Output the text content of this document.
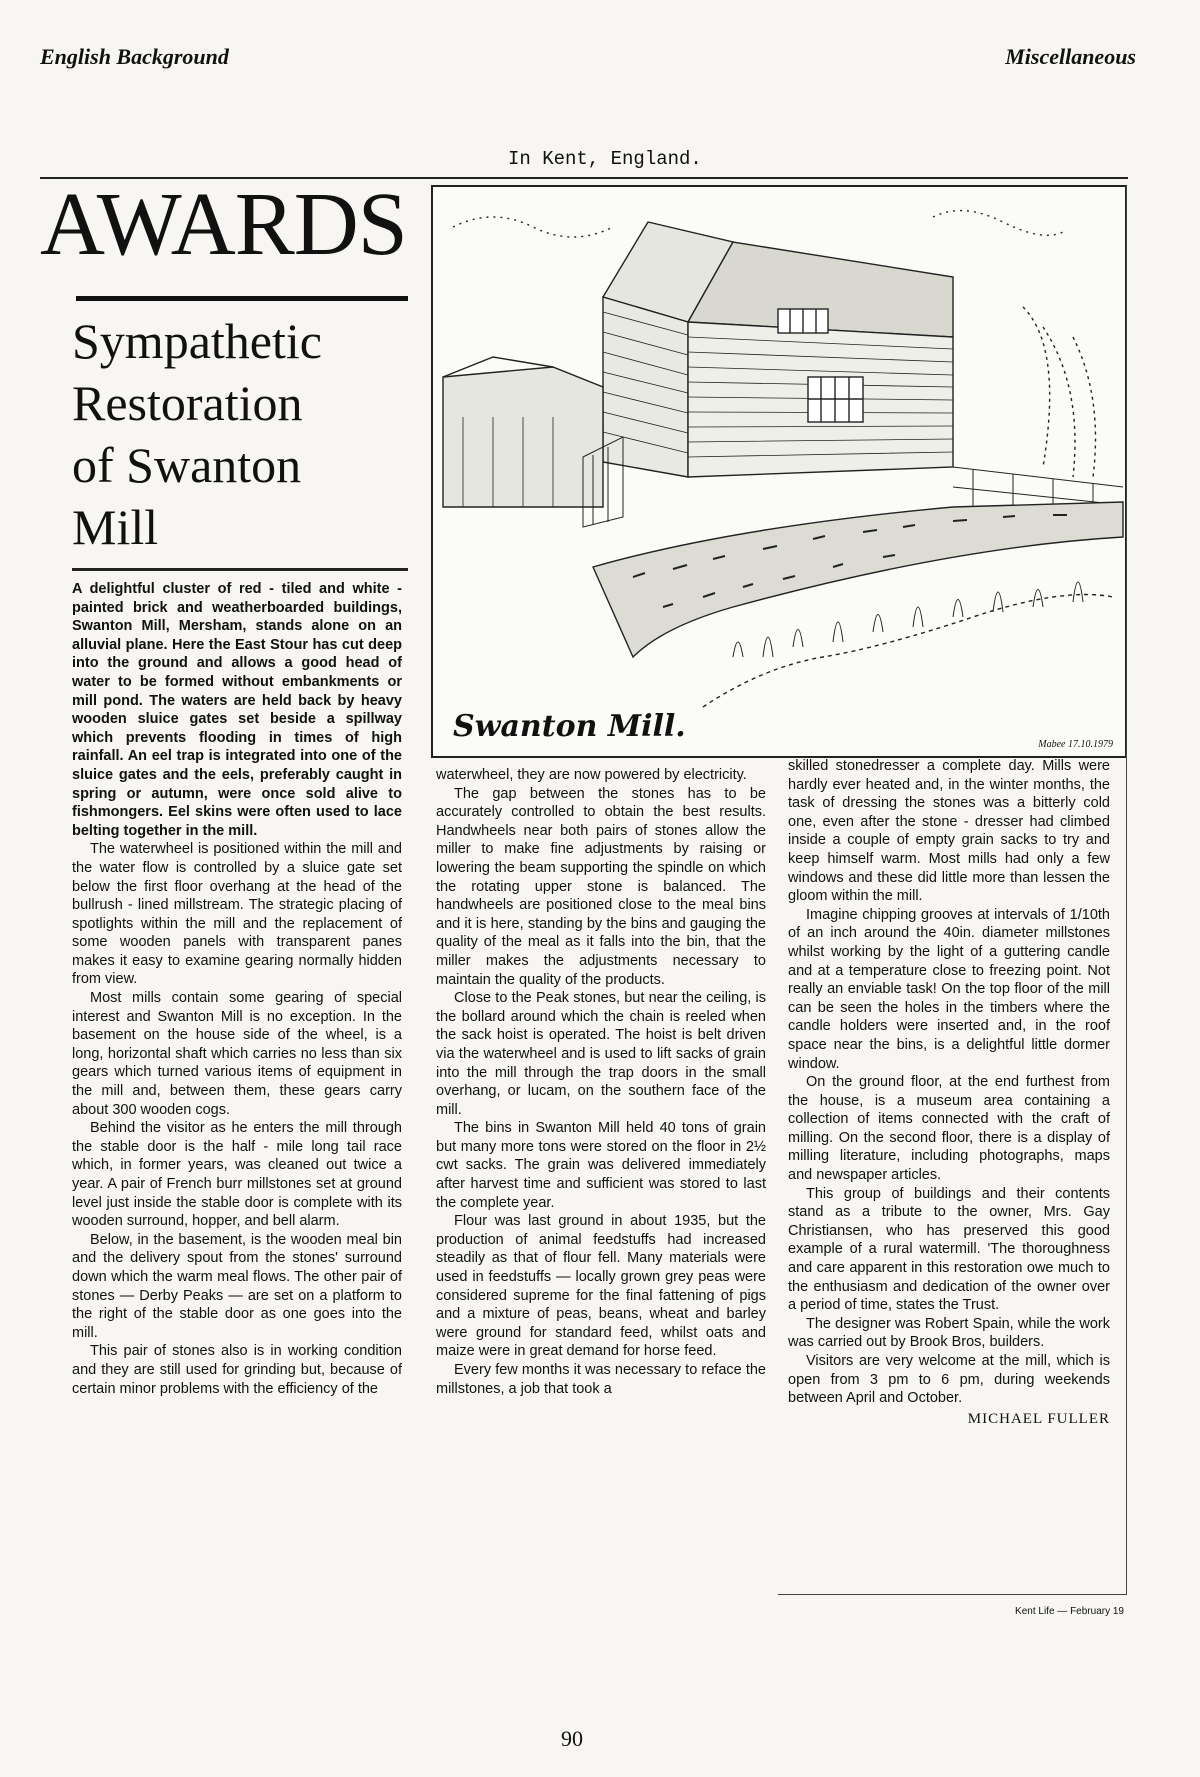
English Background	Miscellaneous
In Kent, England.
AWARDS
Sympathetic
Restoration
of Swanton
Mill
Swanton Mill.
Mabee 17.10.1979

A delightful cluster of red - tiled and white - painted brick and weatherboarded buildings, Swanton Mill, Mersham, stands alone on an alluvial plane. Here the East Stour has cut deep into the ground and allows a good head of water to be formed without embankments or mill pond. The waters are held back by heavy wooden sluice gates set beside a spillway which prevents flooding in times of high rainfall. An eel trap is integrated into one of the sluice gates and the eels, preferably caught in spring or autumn, were once sold alive to fishmongers. Eel skins were often used to lace belting together in the mill.

The waterwheel is positioned within the mill and the water flow is controlled by a sluice gate set below the first floor overhang at the head of the bullrush - lined millstream. The strategic placing of spotlights within the mill and the replacement of some wooden panels with transparent panes makes it easy to examine gearing normally hidden from view.

Most mills contain some gearing of special interest and Swanton Mill is no exception. In the basement on the house side of the wheel, is a long, horizontal shaft which carries no less than six gears which turned various items of equipment in the mill and, between them, these gears carry about 300 wooden cogs.

Behind the visitor as he enters the mill through the stable door is the half - mile long tail race which, in former years, was cleaned out twice a year. A pair of French burr millstones set at ground level just inside the stable door is complete with its wooden surround, hopper, and bell alarm.

Below, in the basement, is the wooden meal bin and the delivery spout from the stones' surround down which the warm meal flows. The other pair of stones — Derby Peaks — are set on a platform to the right of the stable door as one goes into the mill.

This pair of stones also is in working condition and they are still used for grinding but, because of certain minor problems with the efficiency of the

waterwheel, they are now powered by electricity.

The gap between the stones has to be accurately controlled to obtain the best results. Handwheels near both pairs of stones allow the miller to make fine adjustments by raising or lowering the beam supporting the spindle on which the rotating upper stone is balanced. The handwheels are positioned close to the meal bins and it is here, standing by the bins and gauging the quality of the meal as it falls into the bin, that the miller makes the adjustments necessary to maintain the quality of the products.

Close to the Peak stones, but near the ceiling, is the bollard around which the chain is reeled when the sack hoist is operated. The hoist is belt driven via the waterwheel and is used to lift sacks of grain into the mill through the trap doors in the small overhang, or lucam, on the southern face of the mill.

The bins in Swanton Mill held 40 tons of grain but many more tons were stored on the floor in 2½ cwt sacks. The grain was delivered immediately after harvest time and sufficient was stored to last the complete year.

Flour was last ground in about 1935, but the production of animal feedstuffs had increased steadily as that of flour fell. Many materials were used in feedstuffs — locally grown grey peas were considered supreme for the final fattening of pigs and a mixture of peas, beans, wheat and barley were ground for standard feed, whilst oats and maize were in great demand for horse feed.

Every few months it was necessary to reface the millstones, a job that took a

skilled stonedresser a complete day. Mills were hardly ever heated and, in the winter months, the task of dressing the stones was a bitterly cold one, even after the stone - dresser had climbed inside a couple of empty grain sacks to try and keep himself warm. Most mills had only a few windows and these did little more than lessen the gloom within the mill.

Imagine chipping grooves at intervals of 1/10th of an inch around the 40in. diameter millstones whilst working by the light of a guttering candle and at a temperature close to freezing point. Not really an enviable task! On the top floor of the mill can be seen the holes in the timbers where the candle holders were inserted and, in the roof space near the bins, is a delightful little dormer window.

On the ground floor, at the end furthest from the house, is a museum area containing a collection of items connected with the craft of milling. On the second floor, there is a display of milling literature, including photographs, maps and newspaper articles.

This group of buildings and their contents stand as a tribute to the owner, Mrs. Gay Christiansen, who has preserved this good example of a rural watermill. 'The thoroughness and care apparent in this restoration owe much to the enthusiasm and dedication of the owner over a period of time, states the Trust.

The designer was Robert Spain, while the work was carried out by Brook Bros, builders.

Visitors are very welcome at the mill, which is open from 3 pm to 6 pm, during weekends between April and October.

MICHAEL FULLER
Kent Life — February 19
90
